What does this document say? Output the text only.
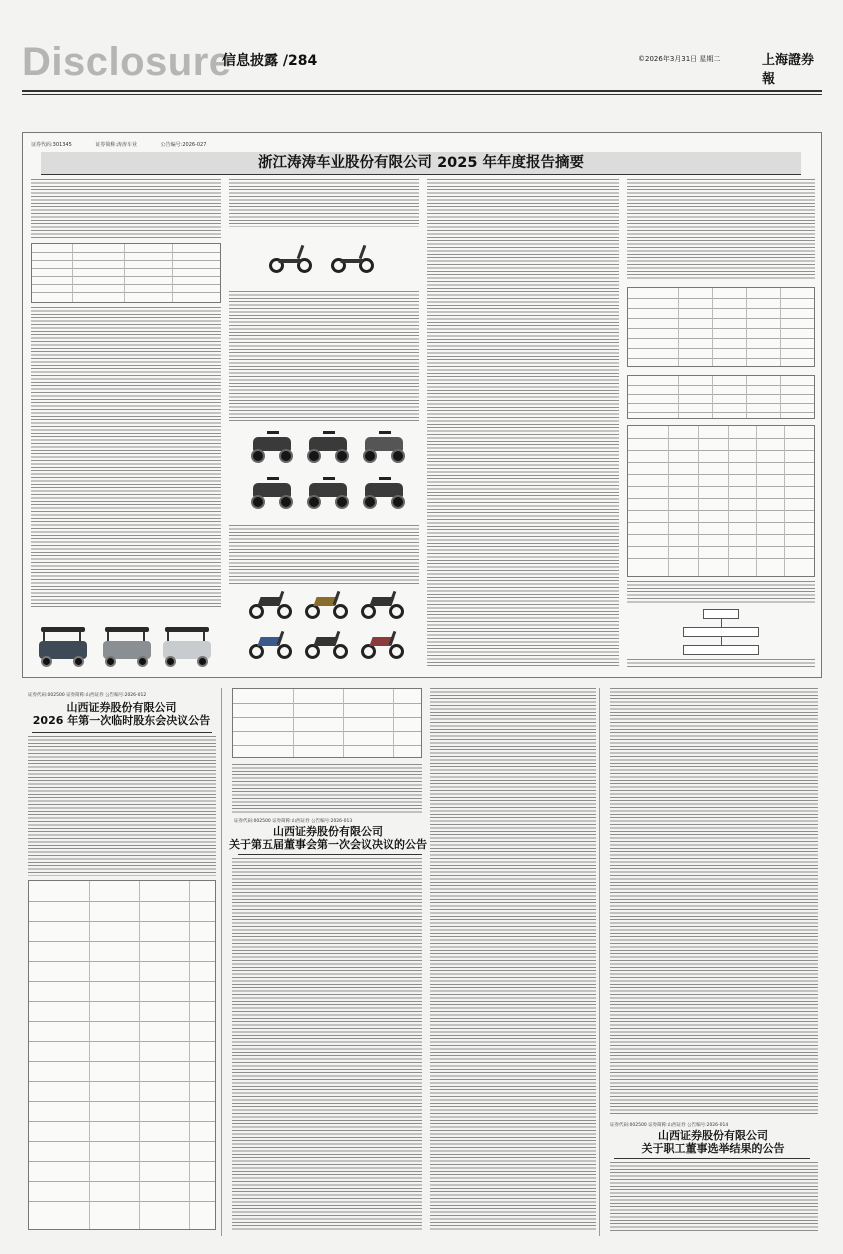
Disclosure
信息披露 /284	©2026年3月31日 星期二	上海證券報
证券代码:301345	证券简称:涛涛车业	公告编号:2026-027
浙江涛涛车业股份有限公司 2025 年年度报告摘要
证券代码:002500 证券简称:山西证券 公告编号:2026-012
山西证券股份有限公司
2026 年第一次临时股东会决议公告
证券代码:002500 证券简称:山西证券 公告编号:2026-013
山西证券股份有限公司
关于第五届董事会第一次会议决议的公告
证券代码:002500 证券简称:山西证券 公告编号:2026-014
山西证券股份有限公司
关于职工董事选举结果的公告
